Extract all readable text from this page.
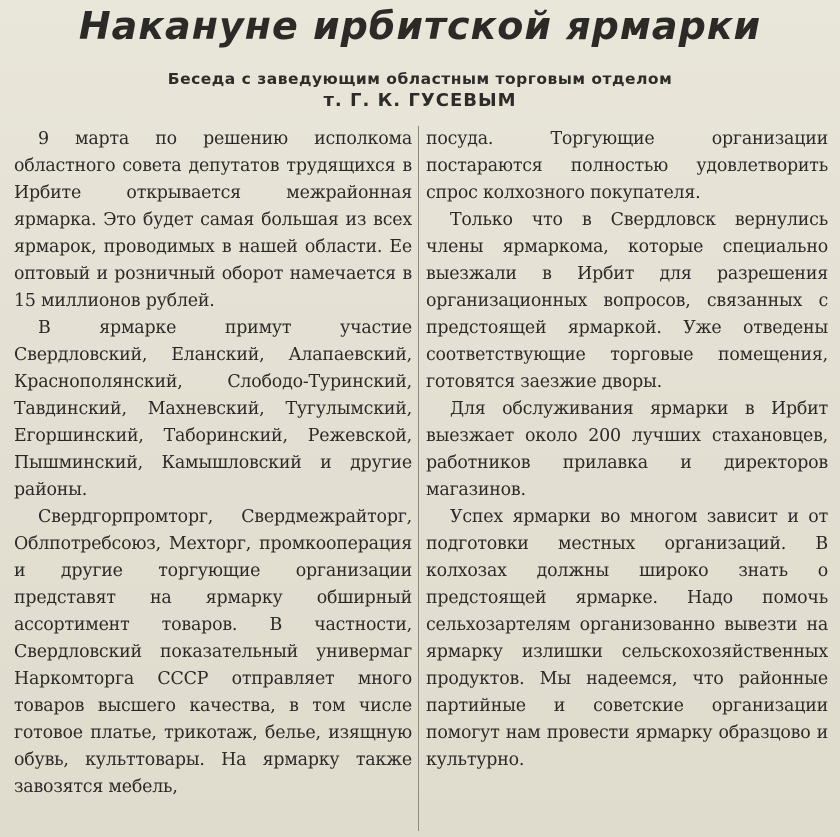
Накануне ирбитской ярмарки
Беседа с заведующим областным торговым отделом
т. Г. К. ГУСЕВЫМ

9 марта по решению исполкома областного совета депутатов трудящихся в Ирбите открывается межрайонная ярмарка. Это будет самая большая из всех ярмарок, проводимых в нашей области. Ее оптовый и розничный оборот намечается в 15 миллионов рублей.

В ярмарке примут участие Свердловский, Еланский, Алапаевский, Краснополянский, Слободо-Туринский, Тавдинский, Махневский, Тугулымский, Егоршинский, Таборинский, Режевской, Пышминский, Камышловский и другие районы.

Свердгорпромторг, Свердмежрайторг, Облпотребсоюз, Мехторг, промкооперация и другие торгующие организации представят на ярмарку обширный ассортимент товаров. В частности, Свердловский показательный универмаг Наркомторга СССР отправляет много товаров высшего качества, в том числе готовое платье, трикотаж, белье, изящную обувь, культтовары. На ярмарку также завозятся мебель,

посуда. Торгующие организации постараются полностью удовлетворить спрос колхозного покупателя.

Только что в Свердловск вернулись члены ярмаркома, которые специально выезжали в Ирбит для разрешения организационных вопросов, связанных с предстоящей ярмаркой. Уже отведены соответствующие торговые помещения, готовятся заезжие дворы.

Для обслуживания ярмарки в Ирбит выезжает около 200 лучших стахановцев, работников прилавка и директоров магазинов.

Успех ярмарки во многом зависит и от подготовки местных организаций. В колхозах должны широко знать о предстоящей ярмарке. Надо помочь сельхозартелям организованно вывезти на ярмарку излишки сельскохозяйственных продуктов. Мы надеемся, что районные партийные и советские организации помогут нам провести ярмарку образцово и культурно.
